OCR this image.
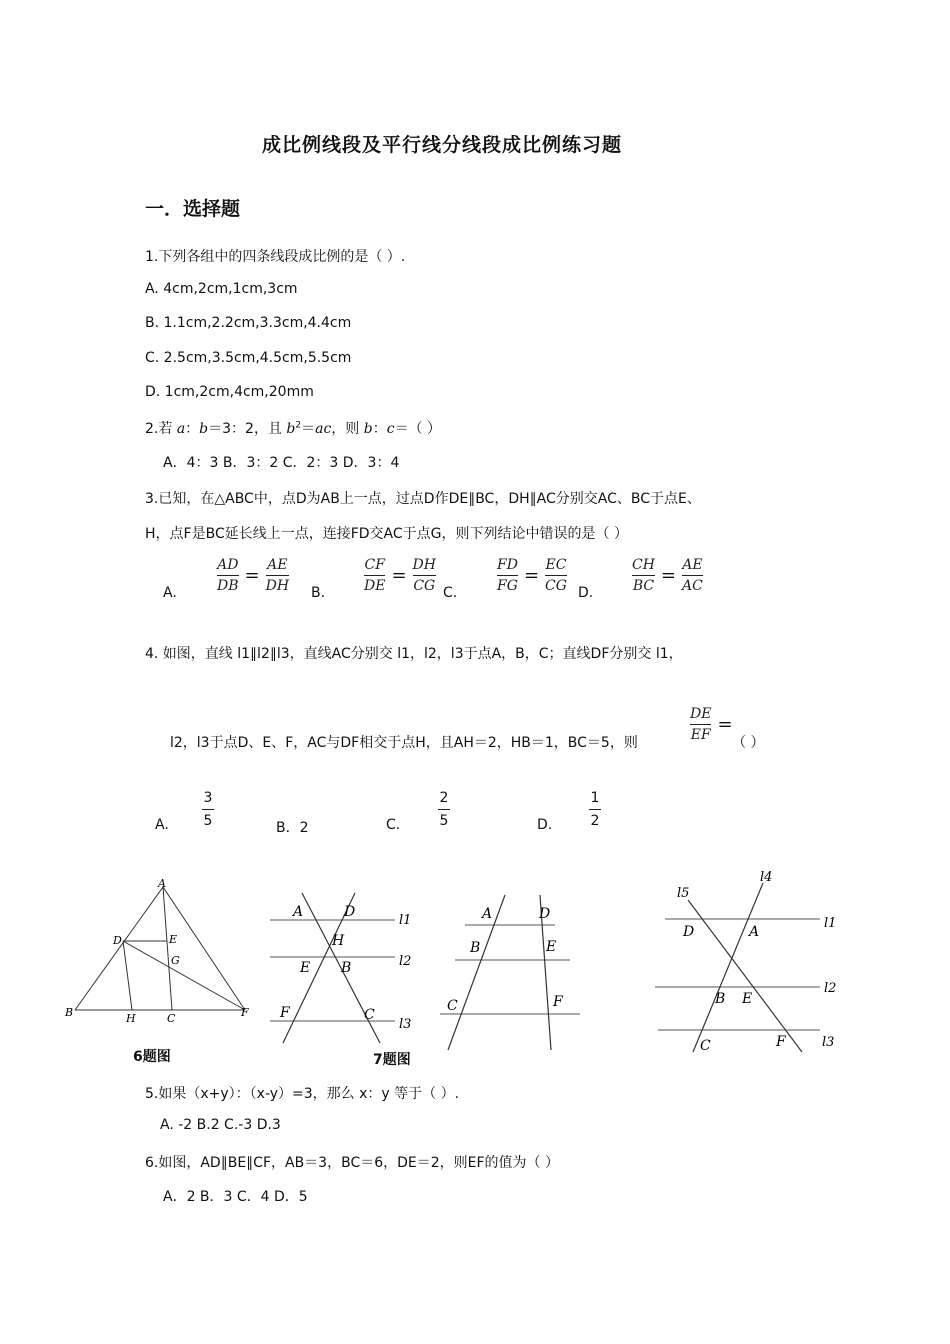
成比例线段及平行线分线段成比例练习题
一．选择题
1.下列各组中的四条线段成比例的是（ ）.
A. 4cm,2cm,1cm,3cm
B. 1.1cm,2.2cm,3.3cm,4.4cm
C. 2.5cm,3.5cm,4.5cm,5.5cm
D. 1cm,2cm,4cm,20mm
2.若 a：b＝3：2，且 $b^2=ac$，则 b：c＝（ ）
A．4：3 B．3：2 C．2：3 D．3：4
3.已知，在△ABC中，点D为AB上一点，过点D作DE∥BC，DH∥AC分别交AC、BC于点E、
H，点F是BC延长线上一点，连接FD交AC于点G，则下列结论中错误的是（ ）
A.	$\frac{AD}{DB} = \frac{AE}{DH} B$.	$\frac{CF}{DE} = \frac{DH}{CG} C$.	$\frac{FD}{FG} = \frac{EC}{CG} D$.	$\frac{CH}{BC} = \frac{AE}{AC}$
4. 如图，直线 l1∥l2∥l3，直线AC分别交 l1，l2，l3于点A，B，C；直线DF分别交 l1，
l2，l3于点D、E、F，AC与DF相交于点H，且AH＝2，HB＝1，BC＝5，则	$\frac{DE}{EF}$ =
（ ）
A.
3
5	B．2	C.
2
5	D.
1
2
A
D	E
G
B	H	C	F
6题图
A	D
l1
H
E B	l2
F	C
l3
7题图
A	D
B	E
C	F
l4
l5
D	A
l1
B E
l2
C	F	l3
5.如果（x+y）：（x-y）=3，那么 x：y 等于（ ）.
A. -2 B.2 C.-3 D.3
6.如图，AD∥BE∥CF，AB＝3，BC＝6，DE＝2，则EF的值为（ ）
A．2 B．3 C．4 D．5
